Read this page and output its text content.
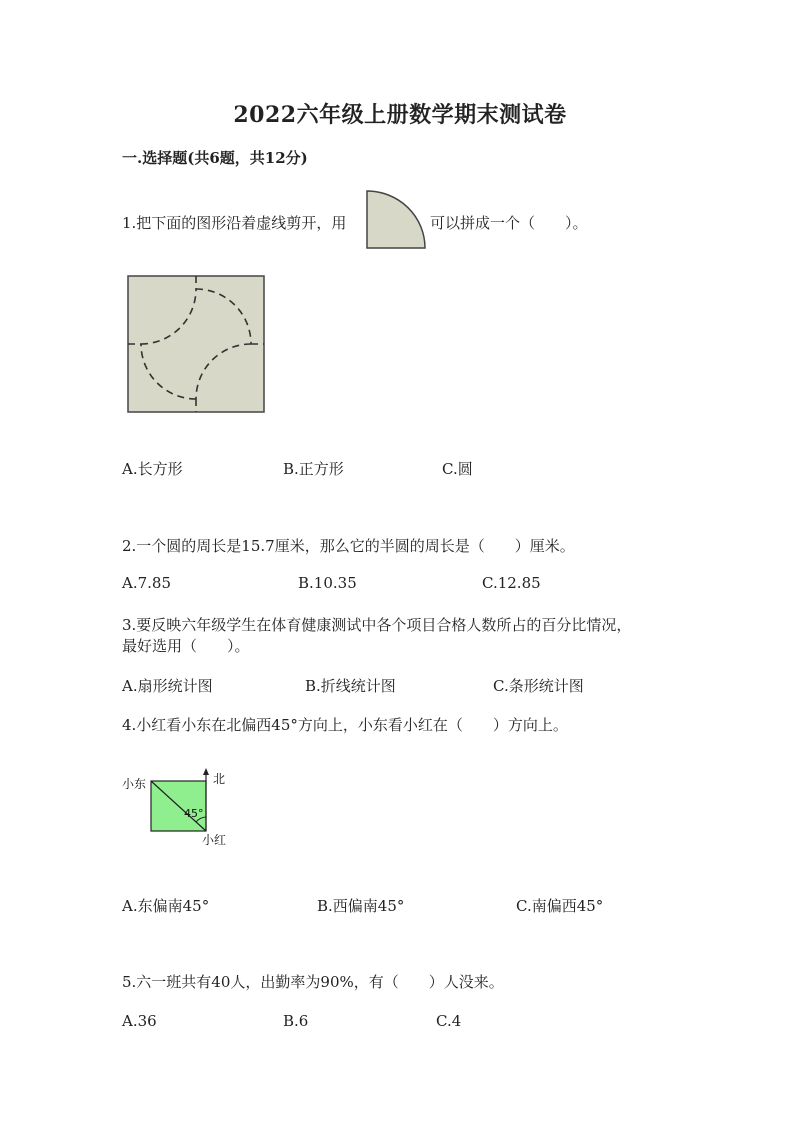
2022六年级上册数学期末测试卷
一.选择题(共6题，共12分)
1.把下面的图形沿着虚线剪开，用	可以拼成一个（　　）。
A.长方形	B.正方形	C.圆
2.一个圆的周长是15.7厘米，那么它的半圆的周长是（　　）厘米。
A.7.85	B.10.35	C.12.85
3.要反映六年级学生在体育健康测试中各个项目合格人数所占的百分比情况，
最好选用（　　）。
A.扇形统计图	B.折线统计图	C.条形统计图
4.小红看小东在北偏西45°方向上，小东看小红在（　　）方向上。
小东	北
45°
小红
A.东偏南45°	B.西偏南45°	C.南偏西45°
5.六一班共有40人，出勤率为90%，有（　　）人没来。
A.36	B.6	C.4
